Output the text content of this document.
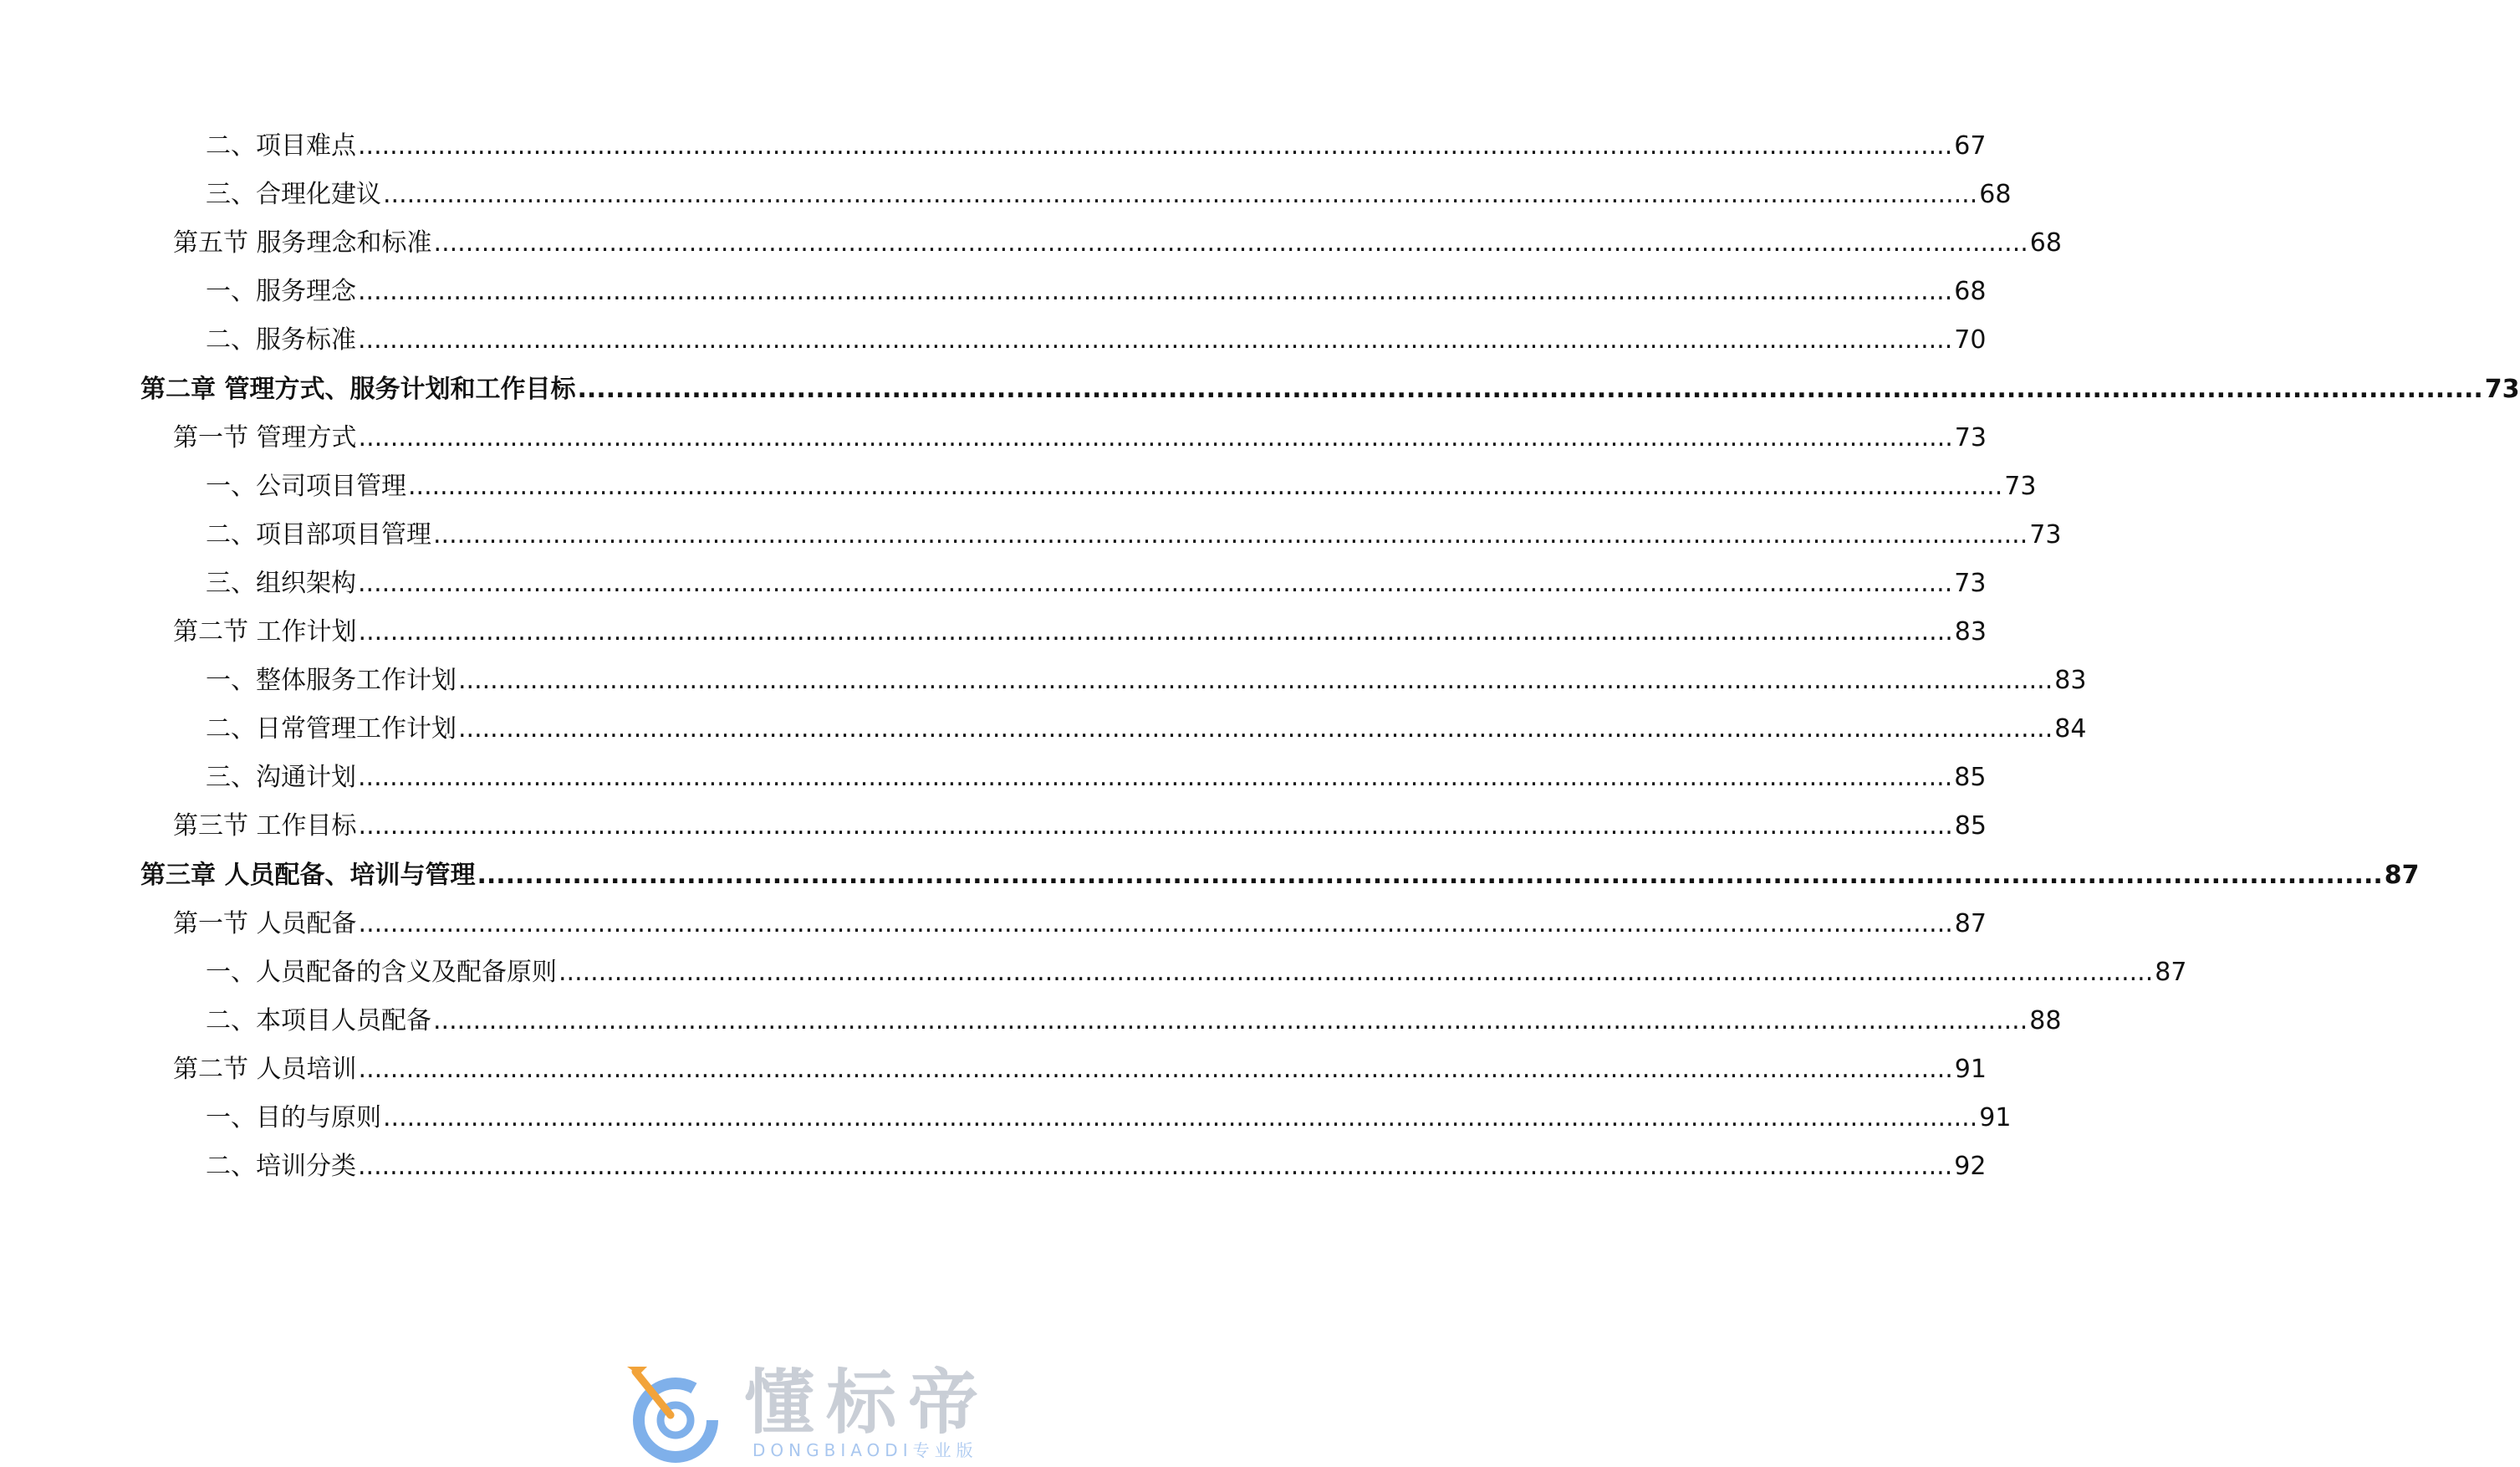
二、项目难点 ........................................................................................................................................................................................................ 67
三、合理化建议 ........................................................................................................................................................................................................ 68
第五节 服务理念和标准 ........................................................................................................................................................................................................ 68
一、服务理念 ........................................................................................................................................................................................................ 68
二、服务标准 ........................................................................................................................................................................................................ 70
第二章 管理方式、服务计划和工作目标 ........................................................................................................................................................................................................ 73
第一节 管理方式 ........................................................................................................................................................................................................ 73
一、公司项目管理 ........................................................................................................................................................................................................ 73
二、项目部项目管理 ........................................................................................................................................................................................................ 73
三、组织架构 ........................................................................................................................................................................................................ 73
第二节 工作计划 ........................................................................................................................................................................................................ 83
一、整体服务工作计划 ........................................................................................................................................................................................................ 83
二、日常管理工作计划 ........................................................................................................................................................................................................ 84
三、沟通计划 ........................................................................................................................................................................................................ 85
第三节 工作目标 ........................................................................................................................................................................................................ 85
第三章 人员配备、培训与管理 ........................................................................................................................................................................................................ 87
第一节 人员配备 ........................................................................................................................................................................................................ 87
一、人员配备的含义及配备原则 ........................................................................................................................................................................................................ 87
二、本项目人员配备 ........................................................................................................................................................................................................ 88
第二节 人员培训 ........................................................................................................................................................................................................ 91
一、目的与原则 ........................................................................................................................................................................................................ 91
二、培训分类 ........................................................................................................................................................................................................ 92
懂标帝
DONGBIAODI专业版
